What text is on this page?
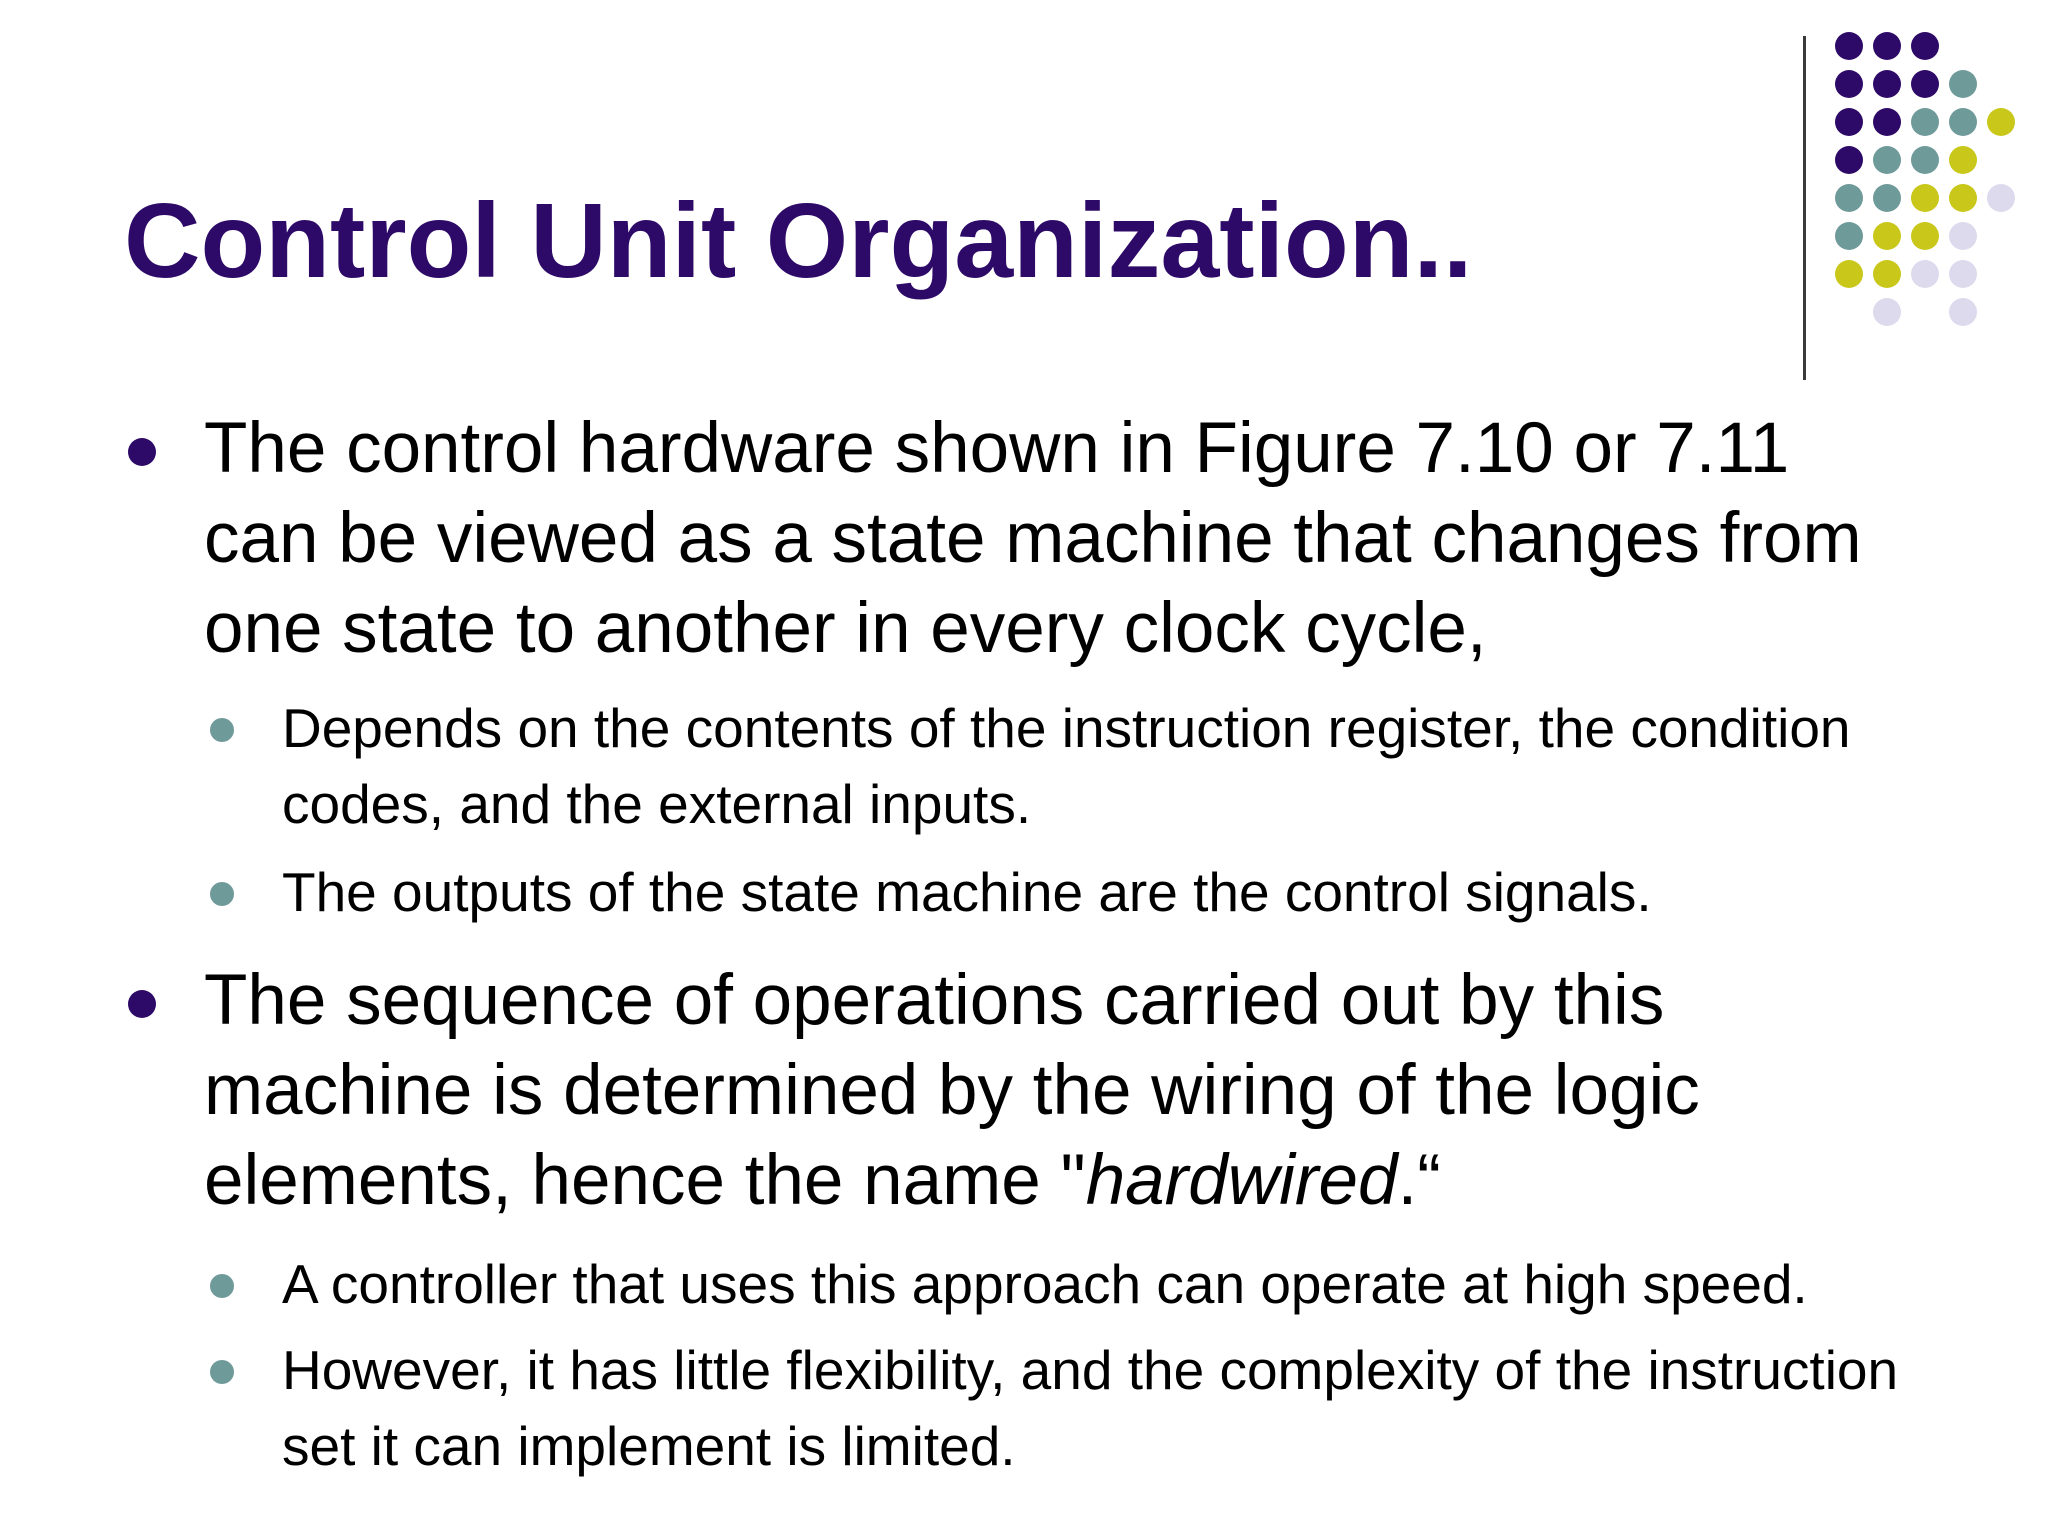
Control Unit Organization..
The control hardware shown in Figure 7.10 or 7.11 can be viewed as a state machine that changes from one state to another in every clock cycle,
Depends on the contents of the instruction register, the condition codes, and the external inputs.
The outputs of the state machine are the control signals.
The sequence of operations carried out by this machine is determined by the wiring of the logic elements, hence the name "hardwired.“
A controller that uses this approach can operate at high speed.
However, it has little flexibility, and the complexity of the instruction set it can implement is limited.
